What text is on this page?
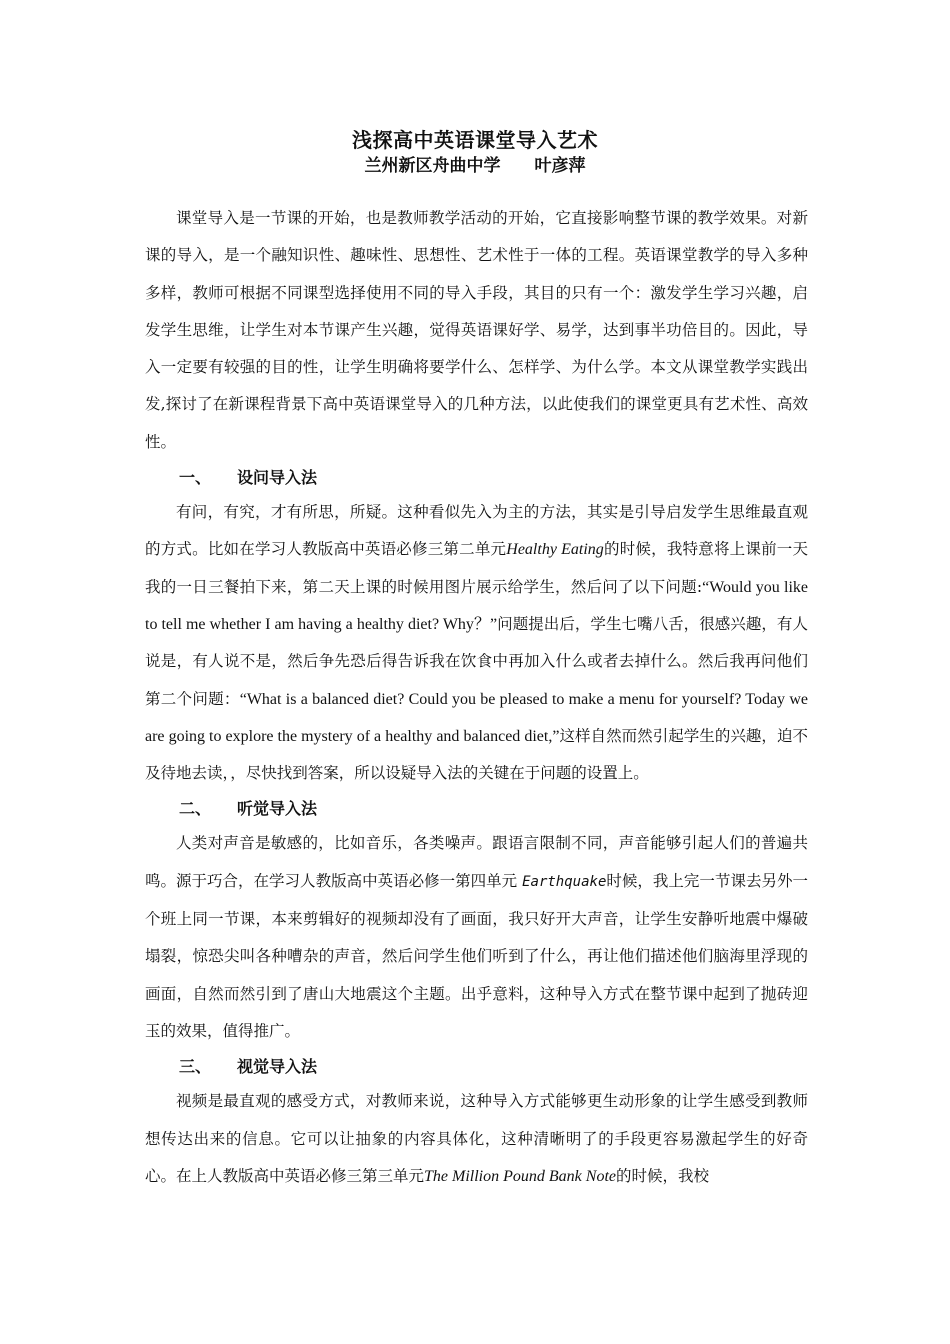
浅探高中英语课堂导入艺术
兰州新区舟曲中学 叶彦萍

课堂导入是一节课的开始，也是教师教学活动的开始，它直接影响整节课的教学效果。对新课的导入，是一个融知识性、趣味性、思想性、艺术性于一体的工程。英语课堂教学的导入多种多样，教师可根据不同课型选择使用不同的导入手段，其目的只有一个：激发学生学习兴趣，启发学生思维，让学生对本节课产生兴趣，觉得英语课好学、易学，达到事半功倍目的。因此，导入一定要有较强的目的性，让学生明确将要学什么、怎样学、为什么学。本文从课堂教学实践出发,探讨了在新课程背景下高中英语课堂导入的几种方法，以此使我们的课堂更具有艺术性、高效性。

一、 设问导入法

有问，有究，才有所思，所疑。这种看似先入为主的方法，其实是引导启发学生思维最直观的方式。比如在学习人教版高中英语必修三第二单元Healthy Eating的时候，我特意将上课前一天我的一日三餐拍下来，第二天上课的时候用图片展示给学生，然后问了以下问题:“Would you like to tell me whether I am having a healthy diet? Why？”问题提出后，学生七嘴八舌，很感兴趣，有人说是，有人说不是，然后争先恐后得告诉我在饮食中再加入什么或者去掉什么。然后我再问他们第二个问题：“What is a balanced diet? Could you be pleased to make a menu for yourself? Today we are going to explore the mystery of a healthy and balanced diet,”这样自然而然引起学生的兴趣，迫不及待地去读，，尽快找到答案，所以设疑导入法的关键在于问题的设置上。

二、 听觉导入法

人类对声音是敏感的，比如音乐，各类噪声。跟语言限制不同，声音能够引起人们的普遍共鸣。源于巧合，在学习人教版高中英语必修一第四单元 Earthquake时候，我上完一节课去另外一个班上同一节课，本来剪辑好的视频却没有了画面，我只好开大声音，让学生安静听地震中爆破塌裂，惊恐尖叫各种嘈杂的声音，然后问学生他们听到了什么，再让他们描述他们脑海里浮现的画面，自然而然引到了唐山大地震这个主题。出乎意料，这种导入方式在整节课中起到了抛砖迎玉的效果，值得推广。

三、 视觉导入法

视频是最直观的感受方式，对教师来说，这种导入方式能够更生动形象的让学生感受到教师想传达出来的信息。它可以让抽象的内容具体化，这种清晰明了的手段更容易激起学生的好奇心。在上人教版高中英语必修三第三单元The Million Pound Bank Note的时候，我校
